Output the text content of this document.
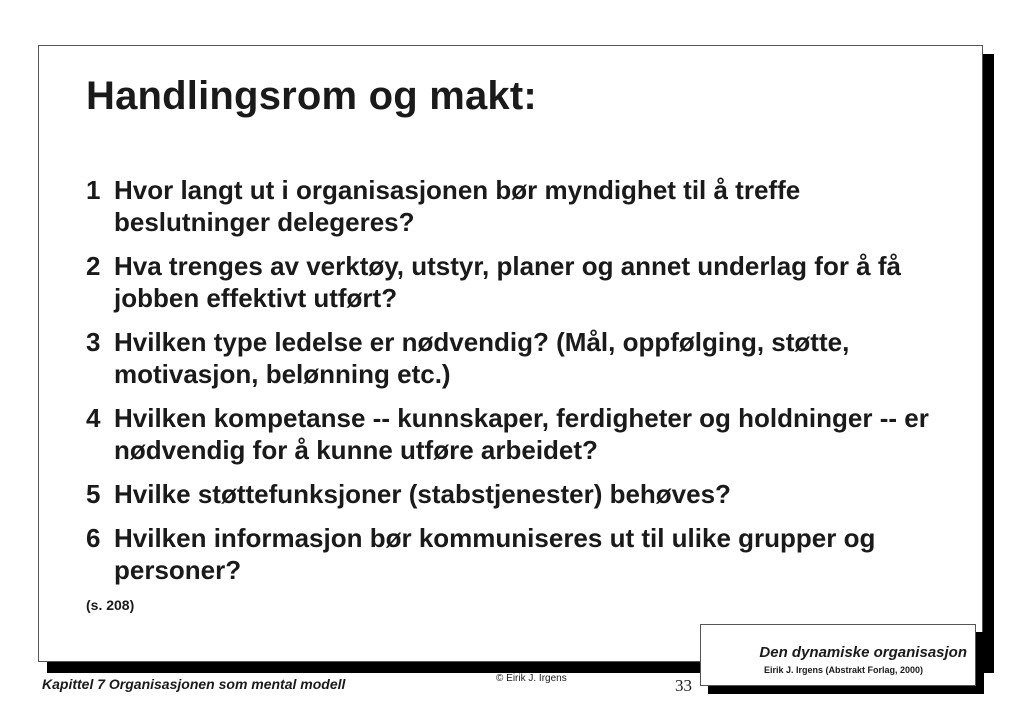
Handlingsrom og makt:
1 Hvor langt ut i organisasjonen bør myndighet til å treffe beslutninger delegeres?
2 Hva trenges av verktøy, utstyr, planer og annet underlag for å få jobben effektivt utført?
3 Hvilken type ledelse er nødvendig? (Mål, oppfølging, støtte, motivasjon, belønning etc.)
4 Hvilken kompetanse -- kunnskaper, ferdigheter og holdninger -- er nødvendig for å kunne utføre arbeidet?
5 Hvilke støttefunksjoner (stabstjenester) behøves?
6 Hvilken informasjon bør kommuniseres ut til ulike grupper og personer?
(s. 208)
Den dynamiske organisasjon
Eirik J. Irgens (Abstrakt Forlag, 2000)
Kapittel 7 Organisasjonen som mental modell	© Eirik J. Irgens	33
